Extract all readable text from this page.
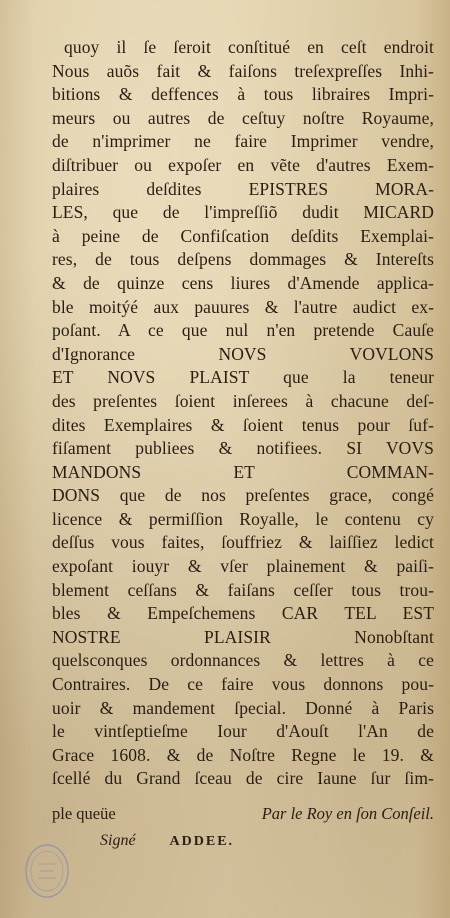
quoy il ſe ſeroit conſtitué en ceſt endroit
Nous auõs fait & faiſons treſexpreſſes Inhi-
bitions & deffences à tous libraires Impri-
meurs ou autres de ceſtuy noſtre Royaume,
de n'imprimer ne faire Imprimer vendre,
diſtribuer ou expoſer en vẽte d'autres Exem-
plaires deſdites EPISTRES MORA-
LES, que de l'impreſſiõ dudit MICARD
à peine de Confiſcation deſdits Exemplai-
res, de tous deſpens dommages & Intereſts
& de quinze cens liures d'Amende applica-
ble moitýé aux pauures & l'autre audict ex-
poſant. A ce que nul n'en pretende Cauſe
d'Ignorance NOVS VOVLONS
ET NOVS PLAIST que la teneur
des preſentes ſoient inſerees à chacune deſ-
dites Exemplaires & ſoient tenus pour ſuf-
fiſament publiees & notifiees. SI VOVS
MANDONS ET COMMAN-
DONS que de nos preſentes grace, congé
licence & permiſſion Royalle, le contenu cy
deſſus vous faites, ſouffriez & laiſſiez ledict
expoſant iouyr & vſer plainement & paiſi-
blement ceſſans & faiſans ceſſer tous trou-
bles & Empeſchemens CAR TEL EST
NOSTRE PLAISIR Nonobſtant
quelsconques ordonnances & lettres à ce
Contraires. De ce faire vous donnons pou-
uoir & mandement ſpecial. Donné à Paris
le vintſeptieſme Iour d'Aouſt l'An de
Grace 1608. & de Noſtre Regne le 19. &
ſcellé du Grand ſceau de cire Iaune ſur ſim-
ple queüe	Par le Roy en ſon Conſeil.
Signé ADDEE.
